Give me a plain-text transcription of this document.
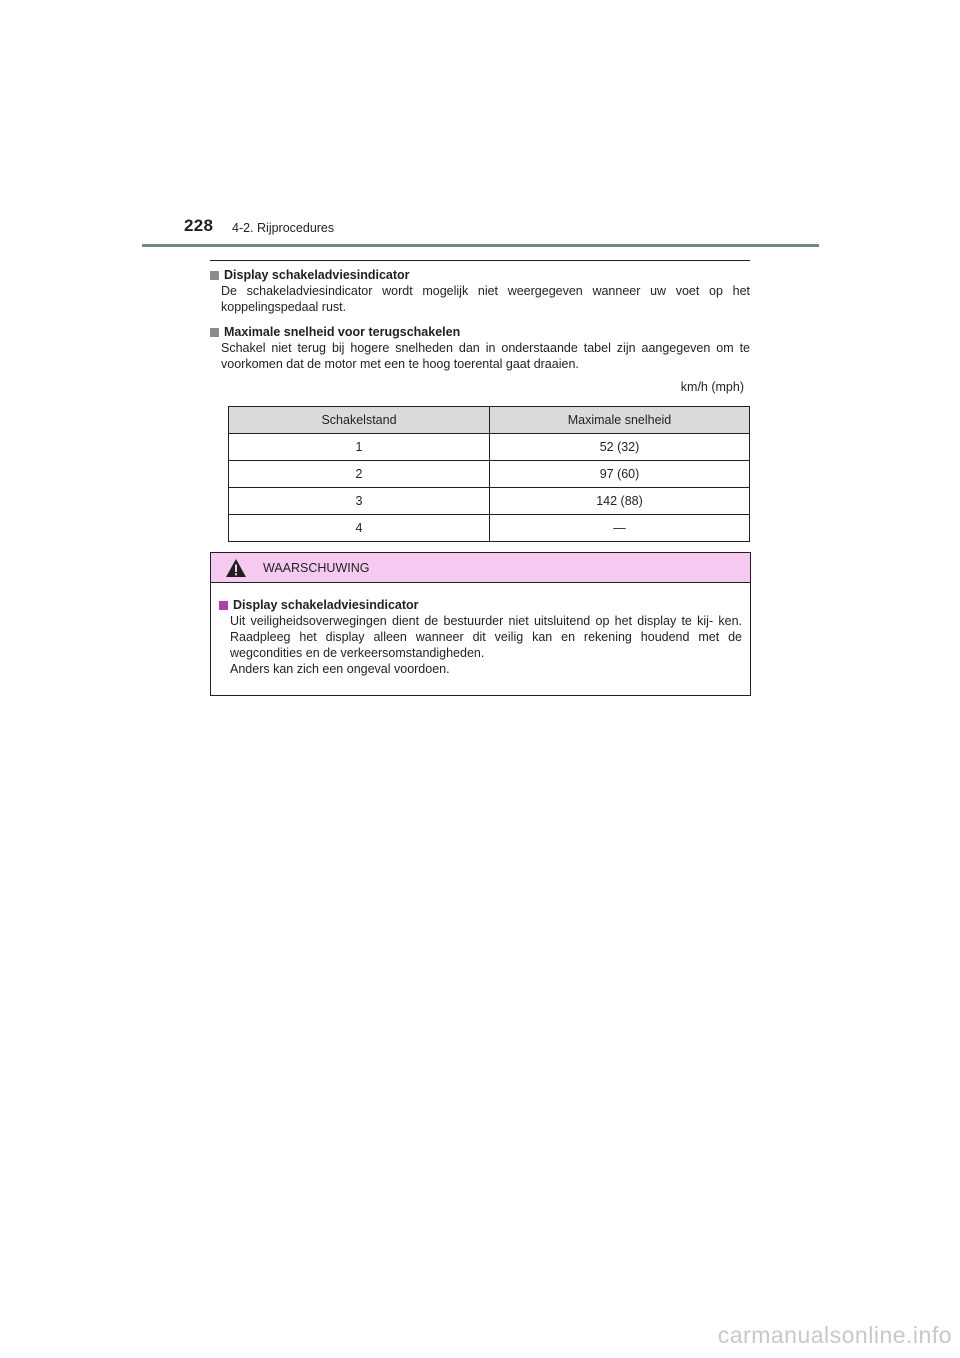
228 4-2. Rijprocedures
Display schakeladviesindicator
De schakeladviesindicator wordt mogelijk niet weergegeven wanneer uw voet op het koppelingspedaal rust.
Maximale snelheid voor terugschakelen
Schakel niet terug bij hogere snelheden dan in onderstaande tabel zijn aangegeven om te voorkomen dat de motor met een te hoog toerental gaat draaien.
km/h (mph)
Schakelstand	Maximale snelheid
1	52 (32)
2	97 (60)
3	142 (88)
4	—
WAARSCHUWING
Display schakeladviesindicator
Uit veiligheidsoverwegingen dient de bestuurder niet uitsluitend op het display te kij- ken. Raadpleeg het display alleen wanneer dit veilig kan en rekening houdend met de wegcondities en de verkeersomstandigheden.
Anders kan zich een ongeval voordoen.
carmanualsonline.info
